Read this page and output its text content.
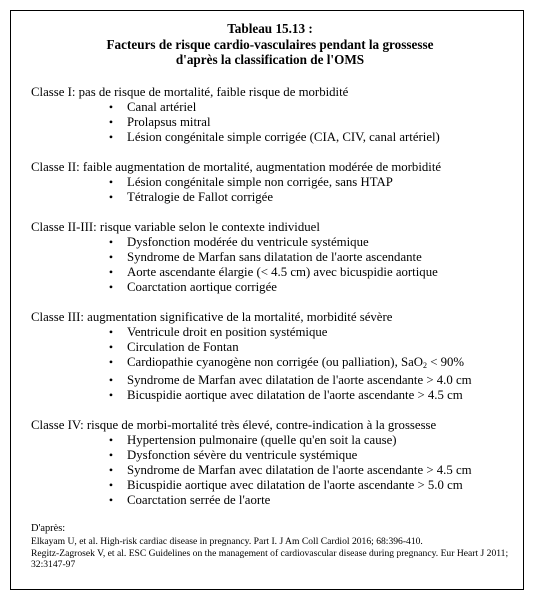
Tableau 15.13 :
Facteurs de risque cardio-vasculaires pendant la grossesse
d'après la classification de l'OMS
Classe I: pas de risque de mortalité, faible risque de morbidité
•	Canal artériel
•	Prolapsus mitral
•	Lésion congénitale simple corrigée (CIA, CIV, canal artériel)
Classe II: faible augmentation de mortalité, augmentation modérée de morbidité
•	Lésion congénitale simple non corrigée, sans HTAP
•	Tétralogie de Fallot corrigée
Classe II-III: risque variable selon le contexte individuel
•	Dysfonction modérée du ventricule systémique
•	Syndrome de Marfan sans dilatation de l'aorte ascendante
•	Aorte ascendante élargie (< 4.5 cm) avec bicuspidie aortique
•	Coarctation aortique corrigée
Classe III: augmentation significative de la mortalité, morbidité sévère
•	Ventricule droit en position systémique
•	Circulation de Fontan
•	Cardiopathie cyanogène non corrigée (ou palliation), SaO$_2$ < 90%
•	Syndrome de Marfan avec dilatation de l'aorte ascendante > 4.0 cm
•	Bicuspidie aortique avec dilatation de l'aorte ascendante > 4.5 cm
Classe IV: risque de morbi-mortalité très élevé, contre-indication à la grossesse
•	Hypertension pulmonaire (quelle qu'en soit la cause)
•	Dysfonction sévère du ventricule systémique
•	Syndrome de Marfan avec dilatation de l'aorte ascendante > 4.5 cm
•	Bicuspidie aortique avec dilatation de l'aorte ascendante > 5.0 cm
•	Coarctation serrée de l'aorte
D'après:
Elkayam U, et al. High-risk cardiac disease in pregnancy. Part I. J Am Coll Cardiol 2016; 68:396-410.
Regitz-Zagrosek V, et al. ESC Guidelines on the management of cardiovascular disease during pregnancy. Eur Heart J 2011; 32:3147-97
